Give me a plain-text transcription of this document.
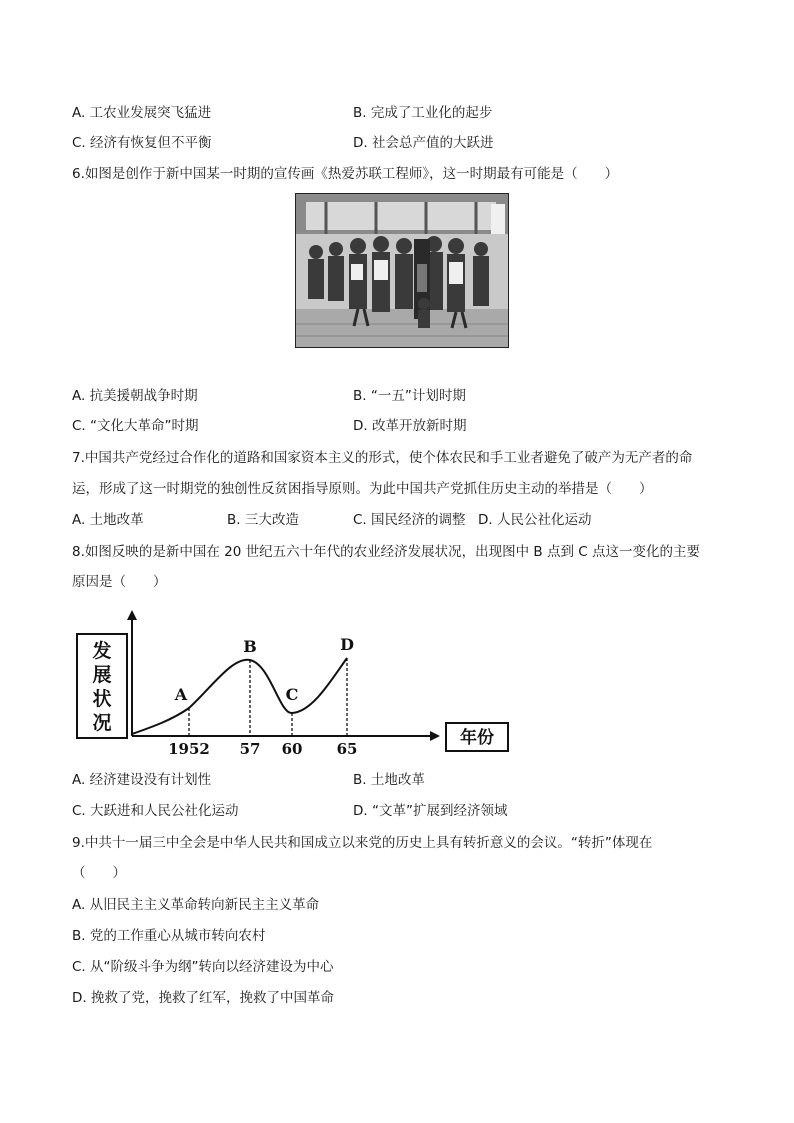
A. 工农业发展突飞猛进	B. 完成了工业化的起步
C. 经济有恢复但不平衡	D. 社会总产值的大跃进
6.如图是创作于新中国某一时期的宣传画《热爱苏联工程师》，这一时期最有可能是（　　）
A. 抗美援朝战争时期	B. “一五”计划时期
C. “文化大革命”时期	D. 改革开放新时期
7.中国共产党经过合作化的道路和国家资本主义的形式，使个体农民和手工业者避免了破产为无产者的命
运，形成了这一时期党的独创性反贫困指导原则。为此中国共产党抓住历史主动的举措是（　　）
A. 土地改革	B. 三大改造	C. 国民经济的调整 D. 人民公社化运动
8.如图反映的是新中国在 20 世纪五六十年代的农业经济发展状况，出现图中 B 点到 C 点这一变化的主要
原因是（　　）
发
展
状
况
年份
A
1952
B
57
C
60
D
65
A. 经济建设没有计划性	B. 土地改革
C. 大跃进和人民公社化运动	D. “文革”扩展到经济领域
9.中共十一届三中全会是中华人民共和国成立以来党的历史上具有转折意义的会议。“转折”体现在
（　　）
A. 从旧民主主义革命转向新民主主义革命
B. 党的工作重心从城市转向农村
C. 从“阶级斗争为纲”转向以经济建设为中心
D. 挽救了党，挽救了红军，挽救了中国革命
